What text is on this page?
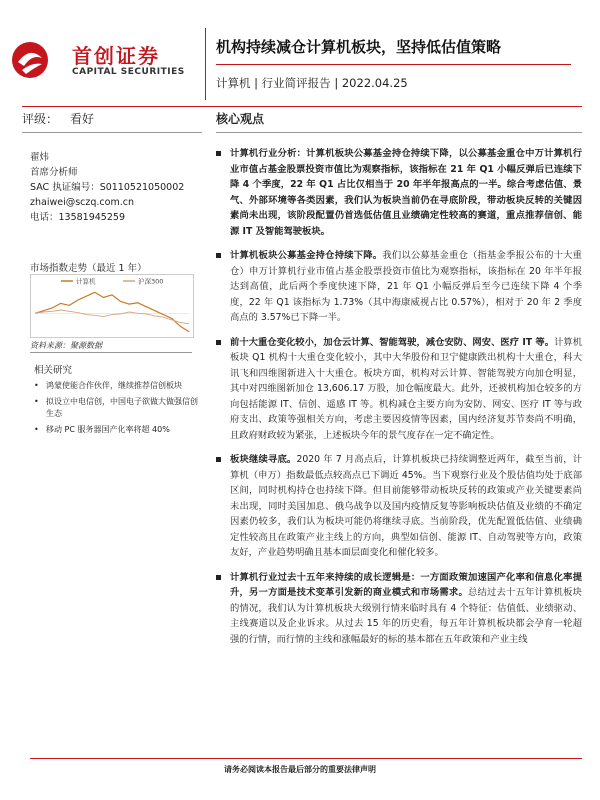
首创证券
CAPITAL SECURITIES
机构持续减仓计算机板块，坚持低估值策略
计算机 | 行业简评报告 | 2022.04.25
评级： 看好	核心观点
翟炜
首席分析师
SAC 执证编号：S0110521050002
zhaiwei@sczq.com.cn
电话：13581945259
市场指数走势（最近 1 年）
计算机	沪深300
资料来源：聚源数据
相关研究
• 鸿蒙使能合作伙伴，继续推荐信创板块
• 拟设立中电信创，中国电子欲做大做强信创生态
• 移动 PC 服务器国产化率将超 40%

计算机行业分析：计算机板块公募基金持仓持续下降，以公募基金重仓中万计算机行业市值占基金股票投资市值比为观察指标，该指标在 21 年 Q1 小幅反弹后已连续下降 4 个季度，22 年 Q1 占比仅相当于 20 年半年报高点的一半。综合考虑估值、景气、外部环境等各类因素，我们认为板块当前仍在寻底阶段，带动板块反转的关键因素尚未出现，该阶段配置仍首选低估值且业绩确定性较高的赛道，重点推荐信创、能源 IT 及智能驾驶板块。

计算机板块公募基金持仓持续下降。我们以公募基金重仓（指基金季报公布的十大重仓）申万计算机行业市值占基金股票投资市值比为观察指标，该指标在 20 年半年报达到高值，此后两个季度快速下降，21 年 Q1 小幅反弹后至今已连续下降 4 个季度，22 年 Q1 该指标为 1.73%（其中海康威视占比 0.57%），相对于 20 年 2 季度高点的 3.57%已下降一半。

前十大重仓变化较小，加仓云计算、智能驾驶，减仓安防、网安、医疗 IT 等。计算机板块 Q1 机构十大重仓变化较小，其中大华股份和卫宁健康跌出机构十大重仓，科大讯飞和四维图新进入十大重仓。板块方面，机构对云计算、智能驾驶方向加仓明显，其中对四维图新加仓 13,606.17 万股，加仓幅度最大。此外，还被机构加仓较多的方向包括能源 IT、信创、遥感 IT 等。机构减仓主要方向为安防、网安、医疗 IT 等与政府支出、政策等强相关方向，考虑主要因疫情等因素，国内经济复苏节奏尚不明确，且政府财政较为紧张，上述板块今年的景气度存在一定不确定性。

板块继续寻底。2020 年 7 月高点后，计算机板块已持续调整近两年，截至当前，计算机（申万）指数最低点较高点已下调近 45%。当下观察行业及个股估值均处于底部区间，同时机构持仓也持续下降。但目前能够带动板块反转的政策或产业关键要素尚未出现，同时美国加息、俄乌战争以及国内疫情反复等影响板块估值及业绩的不确定因素仍较多，我们认为板块可能仍将继续寻底。当前阶段，优先配置低估值、业绩确定性较高且在政策产业主线上的方向，典型如信创、能源 IT、自动驾驶等方向，政策友好，产业趋势明确且基本面层面变化和催化较多。

计算机行业过去十五年来持续的成长逻辑是：一方面政策加速国产化率和信息化率提升，另一方面是技术变革引发新的商业模式和市场需求。总结过去十五年计算机板块的情况，我们认为计算机板块大级别行情来临时具有 4 个特征：估值低、业绩驱动、主线赛道以及企业诉求。从过去 15 年的历史看，每五年计算机板块都会孕育一轮超强的行情，而行情的主线和涨幅最好的标的基本都在五年政策和产业主线

请务必阅读本报告最后部分的重要法律声明
